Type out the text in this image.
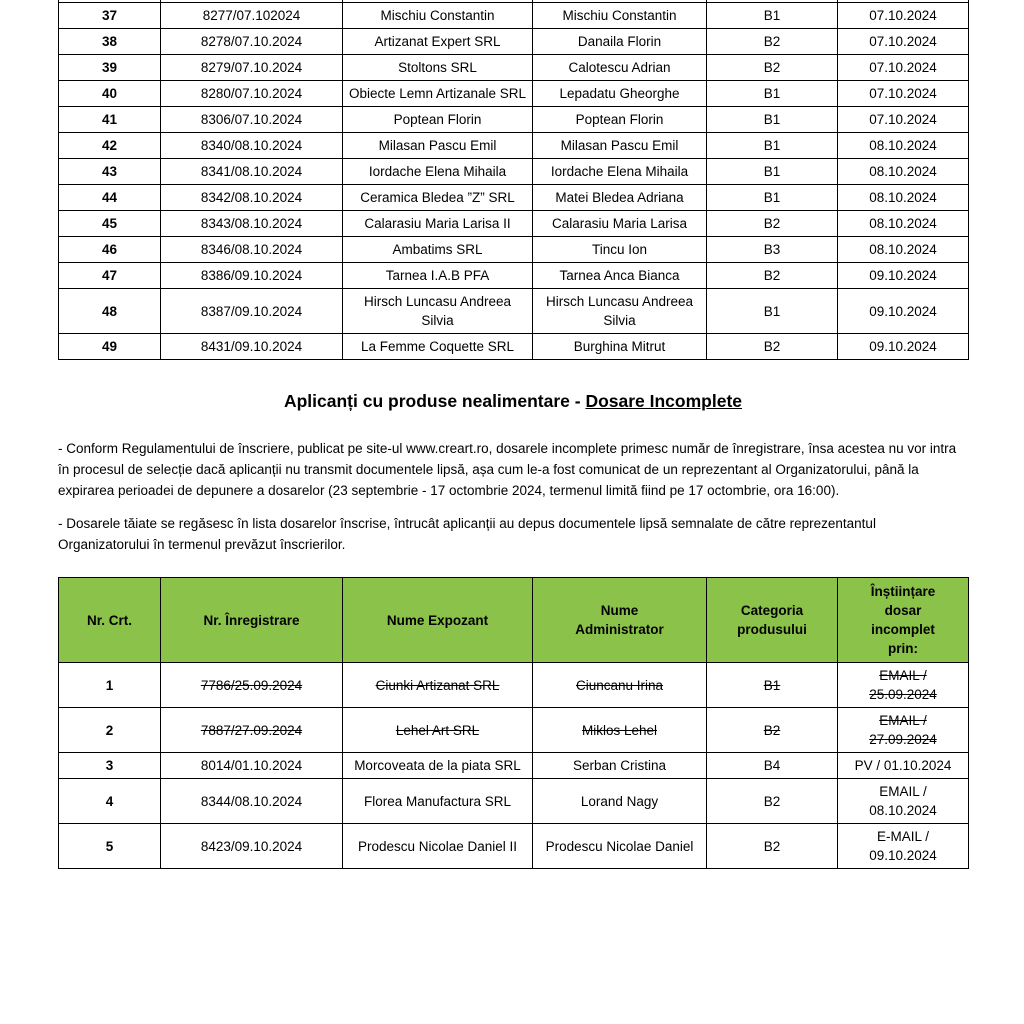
37	8277/07.102024	Mischiu Constantin	Mischiu Constantin	B1	07.10.2024
38	8278/07.10.2024	Artizanat Expert SRL	Danaila Florin	B2	07.10.2024
39	8279/07.10.2024	Stoltons SRL	Calotescu Adrian	B2	07.10.2024
40	8280/07.10.2024	Obiecte Lemn Artizanale SRL	Lepadatu Gheorghe	B1	07.10.2024
41	8306/07.10.2024	Poptean Florin	Poptean Florin	B1	07.10.2024
42	8340/08.10.2024	Milasan Pascu Emil	Milasan Pascu Emil	B1	08.10.2024
43	8341/08.10.2024	Iordache Elena Mihaila	Iordache Elena Mihaila	B1	08.10.2024
44	8342/08.10.2024	Ceramica Bledea ”Z” SRL	Matei Bledea Adriana	B1	08.10.2024
45	8343/08.10.2024	Calarasiu Maria Larisa II	Calarasiu Maria Larisa	B2	08.10.2024
46	8346/08.10.2024	Ambatims SRL	Tincu Ion	B3	08.10.2024
47	8386/09.10.2024	Tarnea I.A.B PFA	Tarnea Anca Bianca	B2	09.10.2024
48	8387/09.10.2024	Hirsch Luncasu Andreea Silvia	Hirsch Luncasu Andreea Silvia	B1	09.10.2024
49	8431/09.10.2024	La Femme Coquette SRL	Burghina Mitrut	B2	09.10.2024
Aplicanți cu produse nealimentare - Dosare Incomplete

- Conform Regulamentului de înscriere, publicat pe site-ul www.creart.ro, dosarele incomplete primesc număr de înregistrare, însa acestea nu vor intra în procesul de selecție dacă aplicanții nu transmit documentele lipsă, așa cum le-a fost comunicat de un reprezentant al Organizatorului, până la expirarea perioadei de depunere a dosarelor (23 septembrie - 17 octombrie 2024, termenul limită fiind pe 17 octombrie, ora 16:00).

- Dosarele tăiate se regăsesc în lista dosarelor înscrise, întrucât aplicanții au depus documentele lipsă semnalate de către reprezentantul Organizatorului în termenul prevăzut înscrierilor.

Nr. Crt.	Nr. Înregistrare	Nume Expozant	Nume Administrator	Categoria produsului	Înștiințare dosar incomplet prin:
1	7786/25.09.2024	Ciunki Artizanat SRL	Ciuncanu Irina	B1	EMAIL / 25.09.2024
2	7887/27.09.2024	Lehel Art SRL	Miklos Lehel	B2	EMAIL / 27.09.2024
3	8014/01.10.2024	Morcoveata de la piata SRL	Serban Cristina	B4	PV / 01.10.2024
4	8344/08.10.2024	Florea Manufactura SRL	Lorand Nagy	B2	EMAIL / 08.10.2024
5	8423/09.10.2024	Prodescu Nicolae Daniel II	Prodescu Nicolae Daniel	B2	E-MAIL / 09.10.2024
